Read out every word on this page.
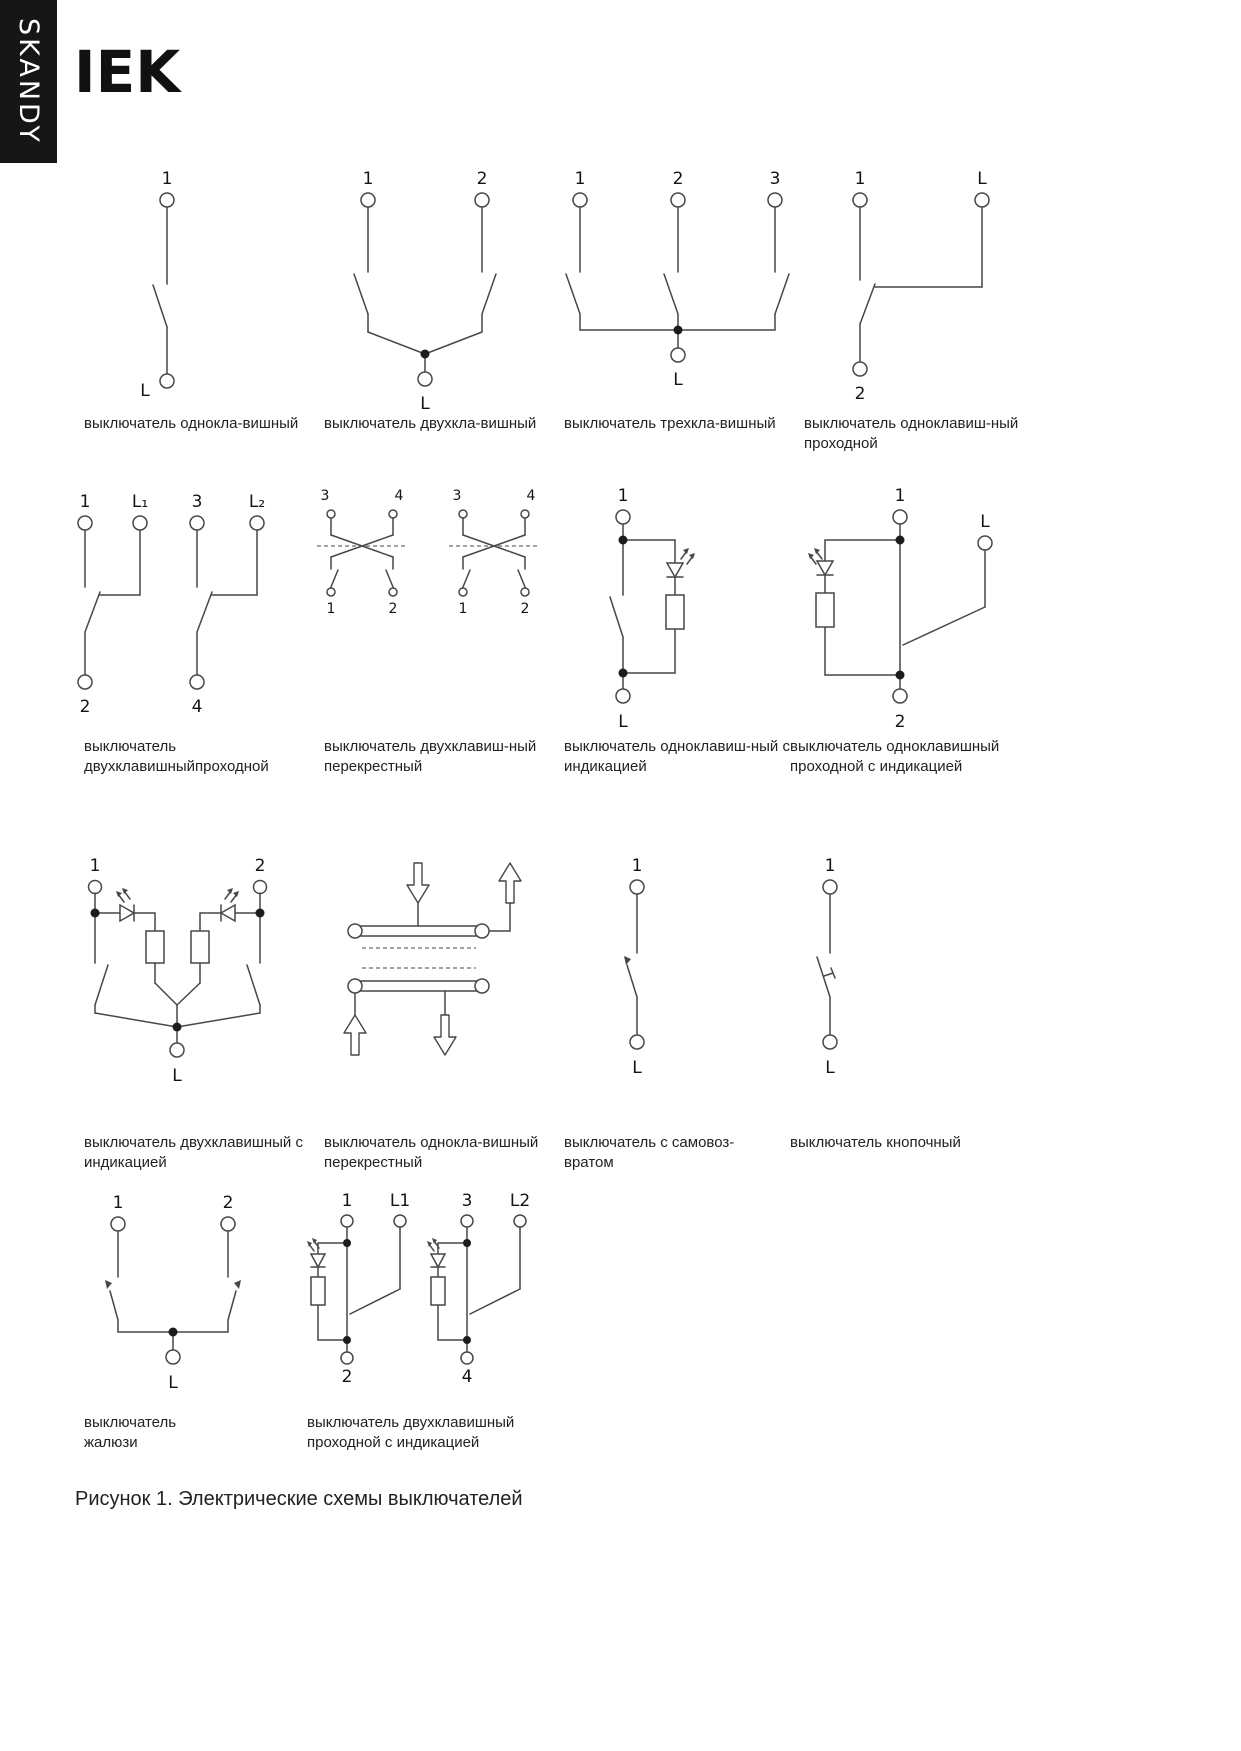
SKANDY IEK
1
L
1	2
L
1	2	3
L
1	L
2
1 L₁	3	L₂
2	4
3	4
1	2
3	4
1	2
1
L
1
L
2
1	2
L
1
L
1
L
1	2
L
1 L1
2
3 L2
4
выключатель однокла-вишный	выключатель двухкла-вишный	выключатель трехкла-вишный	выключатель одноклавиш-ный проходной
выключатель двухклавишныйпроходной
выключатель двухклавиш-ный перекрестный
выключатель одноклавиш-ный с индикацией
выключатель одноклавишный проходной с индикацией
выключатель двухклавишный с индикацией
выключатель однокла-вишный перекрестный
выключатель с самовоз-вратом
выключатель кнопочный
выключатель жалюзи
выключатель двухклавишный проходной с индикацией
Рисунок 1. Электрические схемы выключателей
